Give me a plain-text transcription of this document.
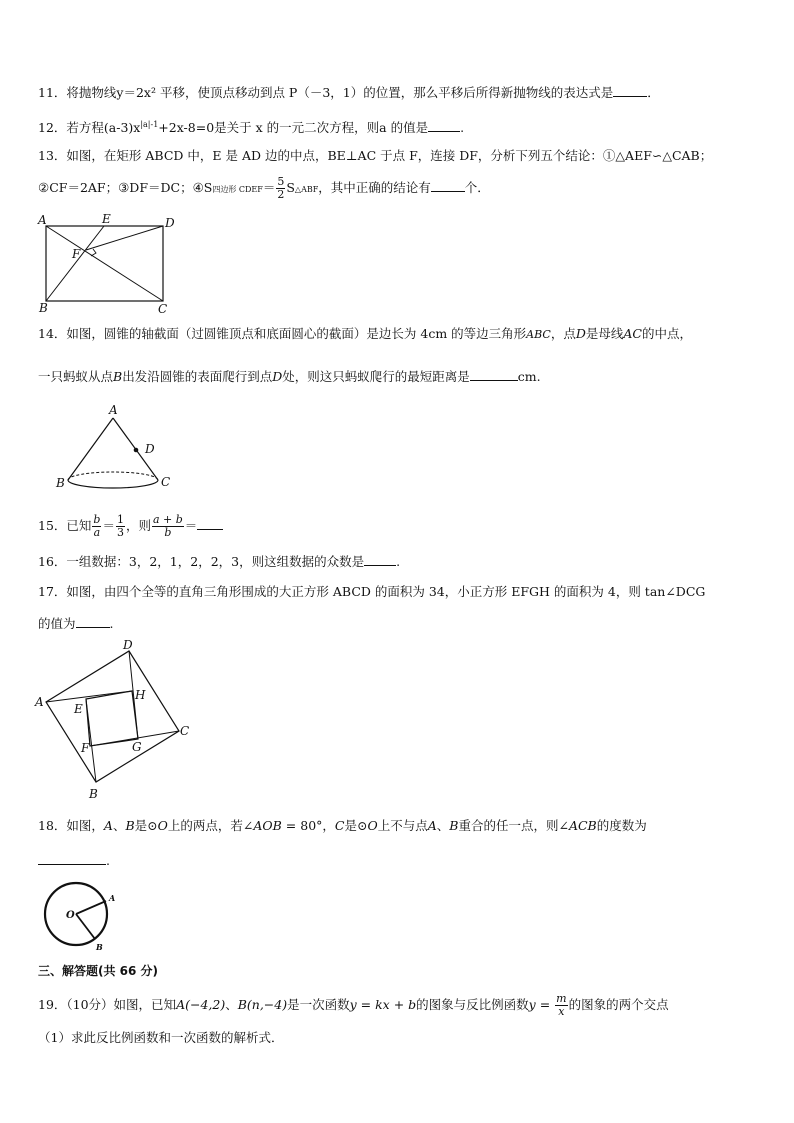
11．将抛物线y＝2x² 平移，使顶点移动到点 P（－3，1）的位置，那么平移后所得新抛物线的表达式是	．
12．若方程$(a-3)x^{|a|-1}+2x-8=0$是关于 x 的一元二次方程，则a 的值是	.
13．如图，在矩形 ABCD 中，E 是 AD 边的中点，BE⊥AC 于点 F，连接 DF，分析下列五个结论：①△AEF∽△CAB；
②CF＝2AF；③DF＝DC；④S四边形 CDEF＝ $\frac{5}{2}$ S△ABF，其中正确的结论有	个．
A	E	D
F
B	C
14．如图，圆锥的轴截面（过圆锥顶点和底面圆心的截面）是边长为 4cm 的等边三角形ABC，点D是母线AC的中点，
一只蚂蚁从点B出发沿圆锥的表面爬行到点D处，则这只蚂蚁爬行的最短距离是	cm.
A
D
B	C
15．已知 $\frac{b}{a} = \frac{1}{3}$ ，则 $\frac{a + b}{b}$ ＝
16．一组数据：3，2，1，2，2，3，则这组数据的众数是	.
17．如图，由四个全等的直角三角形围成的大正方形 ABCD 的面积为 34，小正方形 EFGH 的面积为 4，则 tan∠DCG
的值为	.
A
D
C
B
E
H
G
F
18．如图，A、B是⊙O上的两点，若∠AOB = 80°，C是⊙O上不与点A、B重合的任一点，则∠ACB的度数为
.
O
A
B
三、解答题(共 66 分)
19．（10分）如图，已知A(−4,2)、B(n,−4)是一次函数y = kx + b的图象与反比例函数$y = \frac{m}{x}$ 的图象的两个交点
（1）求此反比例函数和一次函数的解析式．
